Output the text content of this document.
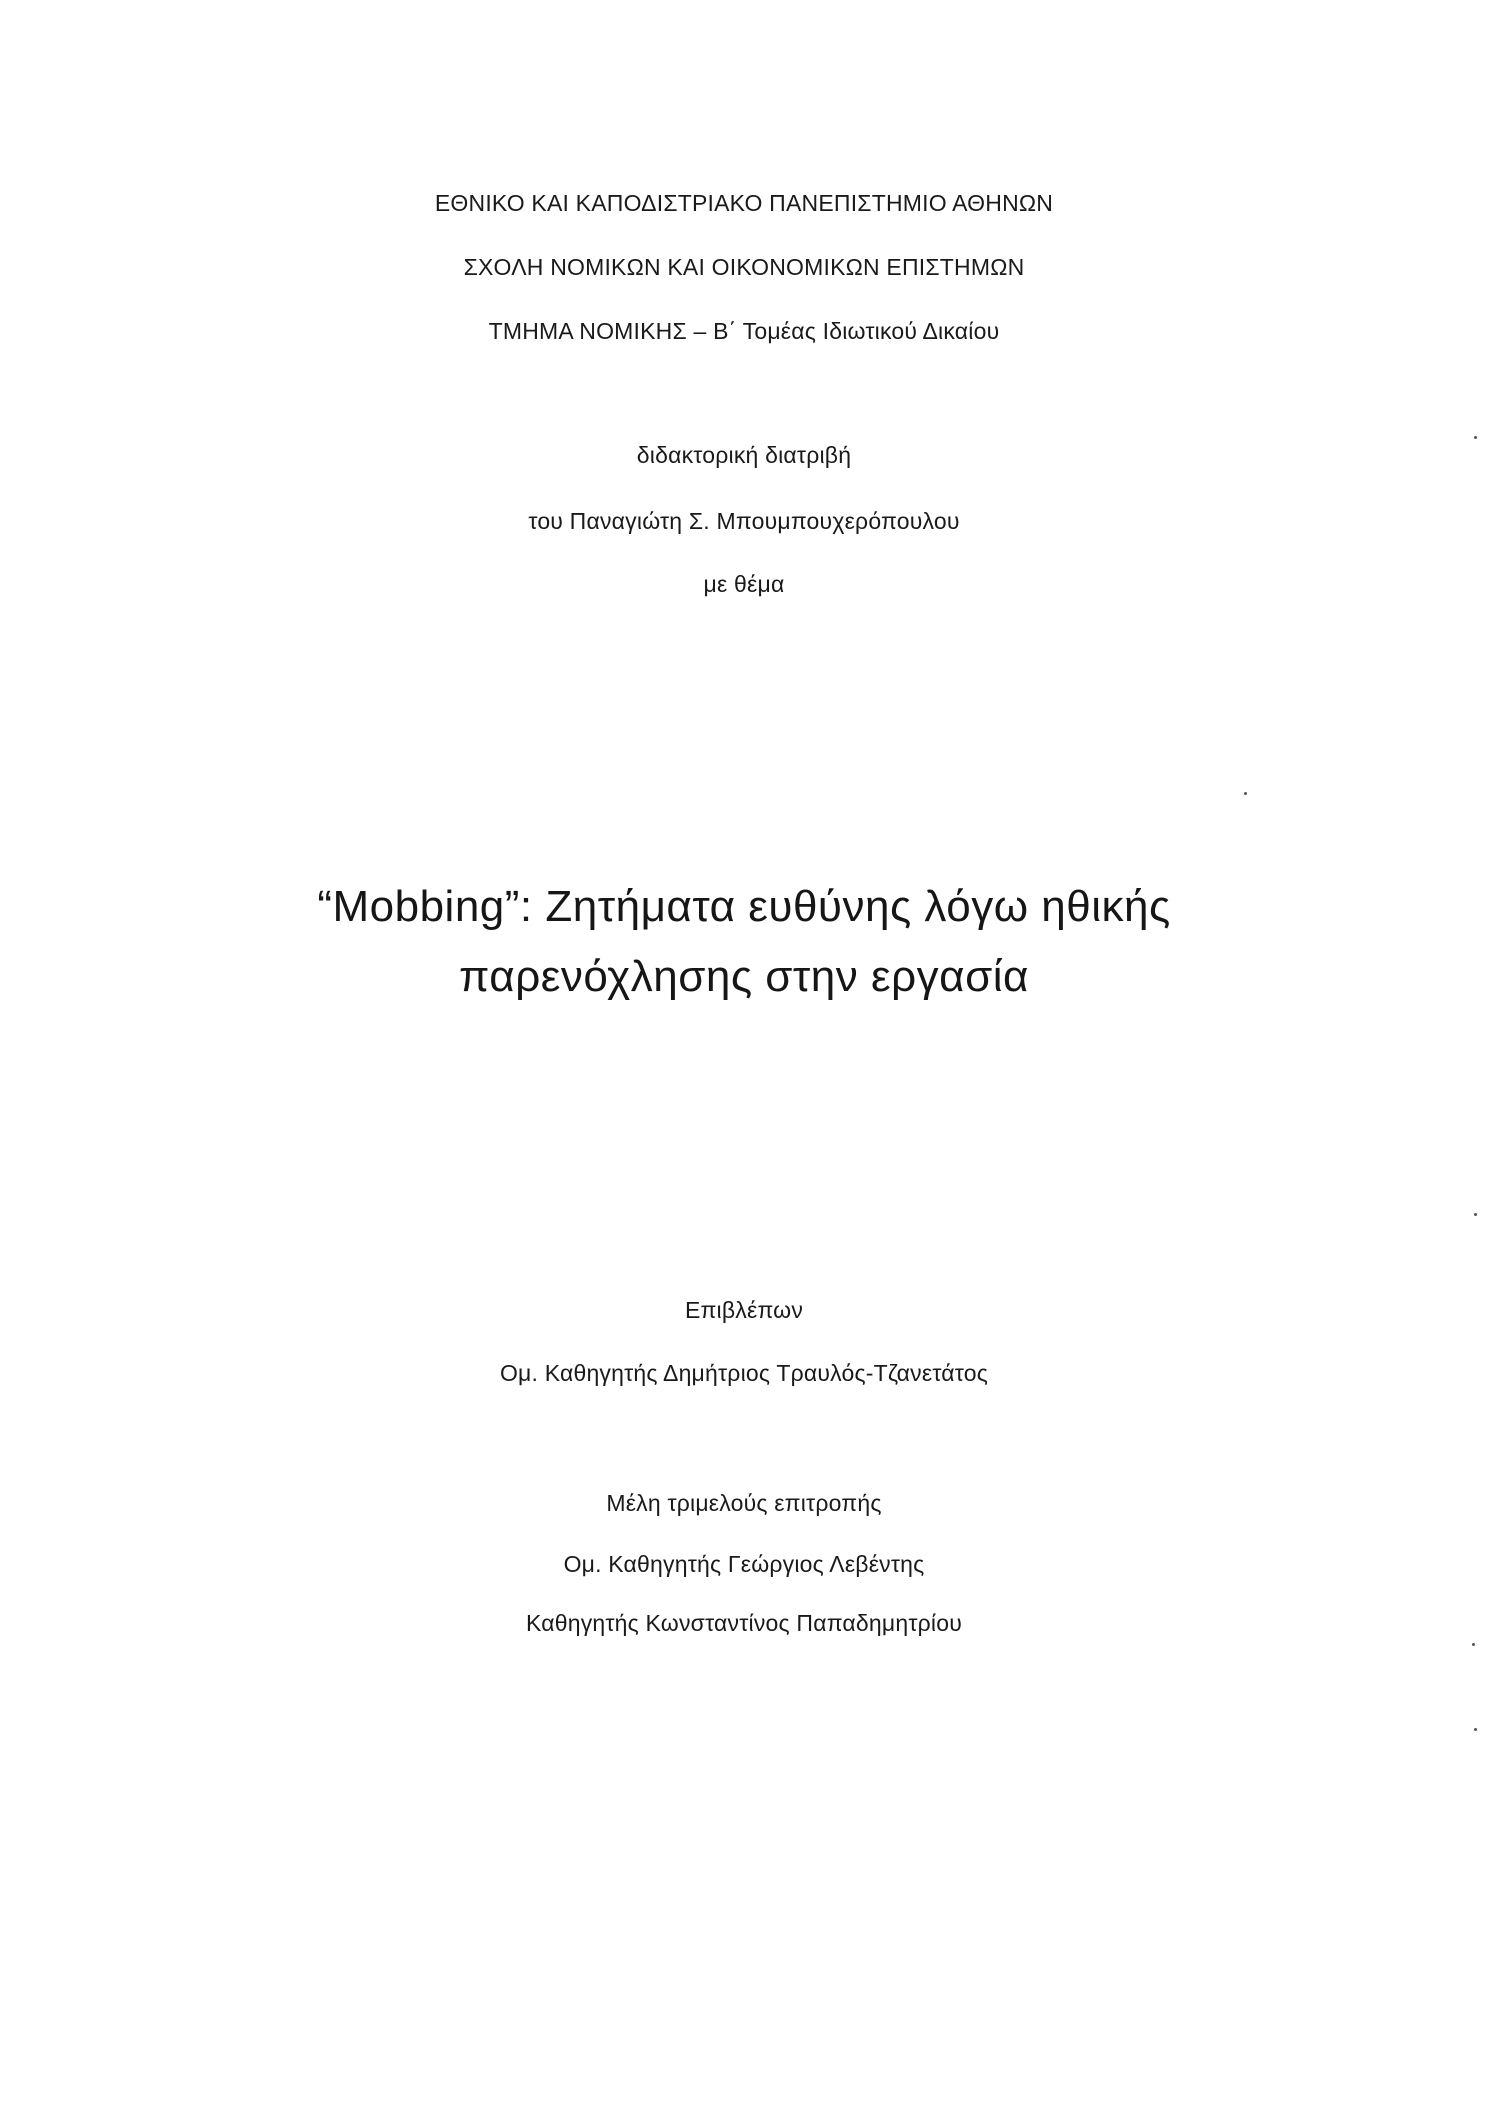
ΕΘΝΙΚΟ ΚΑΙ ΚΑΠΟΔΙΣΤΡΙΑΚΟ ΠΑΝΕΠΙΣΤΗΜΙΟ ΑΘΗΝΩΝ
ΣΧΟΛΗ ΝΟΜΙΚΩΝ ΚΑΙ ΟΙΚΟΝΟΜΙΚΩΝ ΕΠΙΣΤΗΜΩΝ
ΤΜΗΜΑ ΝΟΜΙΚΗΣ – Β΄ Τομέας Ιδιωτικού Δικαίου
διδακτορική διατριβή
του Παναγιώτη Σ. Μπουμπουχερόπουλου
με θέμα
“Mobbing”: Ζητήματα ευθύνης λόγω ηθικής
παρενόχλησης στην εργασία
Επιβλέπων
Ομ. Καθηγητής Δημήτριος Τραυλός-Τζανετάτος
Μέλη τριμελούς επιτροπής
Ομ. Καθηγητής Γεώργιος Λεβέντης
Καθηγητής Κωνσταντίνος Παπαδημητρίου
